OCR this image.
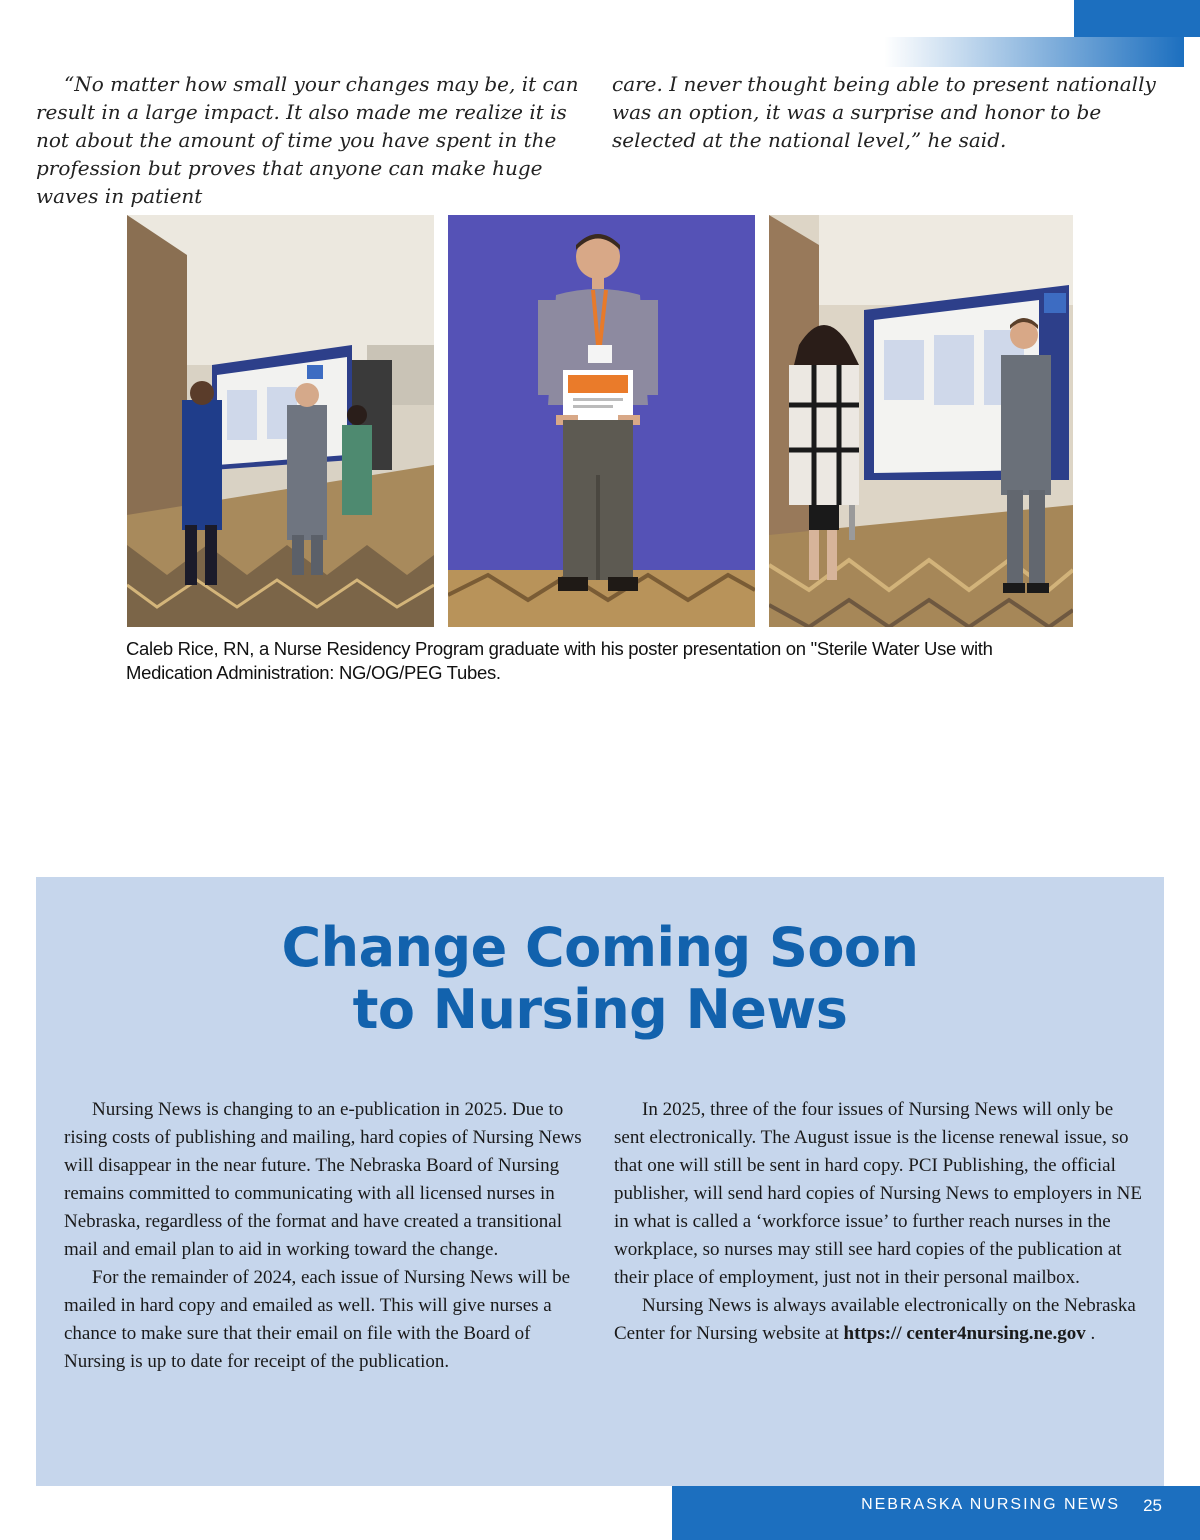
“No matter how small your changes may be, it can result in a large impact. It also made me realize it is not about the amount of time you have spent in the profession but proves that anyone can make huge waves in patient

care. I never thought being able to present nationally was an option, it was a surprise and honor to be selected at the national level,” he said.

Caleb Rice, RN, a Nurse Residency Program graduate with his poster presentation on "Sterile Water Use with Medication Administration: NG/OG/PEG Tubes.
Change Coming Soon
to Nursing News

Nursing News is changing to an e-publication in 2025. Due to rising costs of publishing and mailing, hard copies of Nursing News will disappear in the near future. The Nebraska Board of Nursing remains committed to communicating with all licensed nurses in Nebraska, regardless of the format and have created a transitional mail and email plan to aid in working toward the change.

For the remainder of 2024, each issue of Nursing News will be mailed in hard copy and emailed as well. This will give nurses a chance to make sure that their email on file with the Board of Nursing is up to date for receipt of the publication.

In 2025, three of the four issues of Nursing News will only be sent electronically. The August issue is the license renewal issue, so that one will still be sent in hard copy. PCI Publishing, the official publisher, will send hard copies of Nursing News to employers in NE in what is called a ‘workforce issue’ to further reach nurses in the workplace, so nurses may still see hard copies of the publication at their place of employment, just not in their personal mailbox.

Nursing News is always available electronically on the Nebraska Center for Nursing website at https:// center4nursing.ne.gov .

NEBRASKA NURSING NEWS 25
